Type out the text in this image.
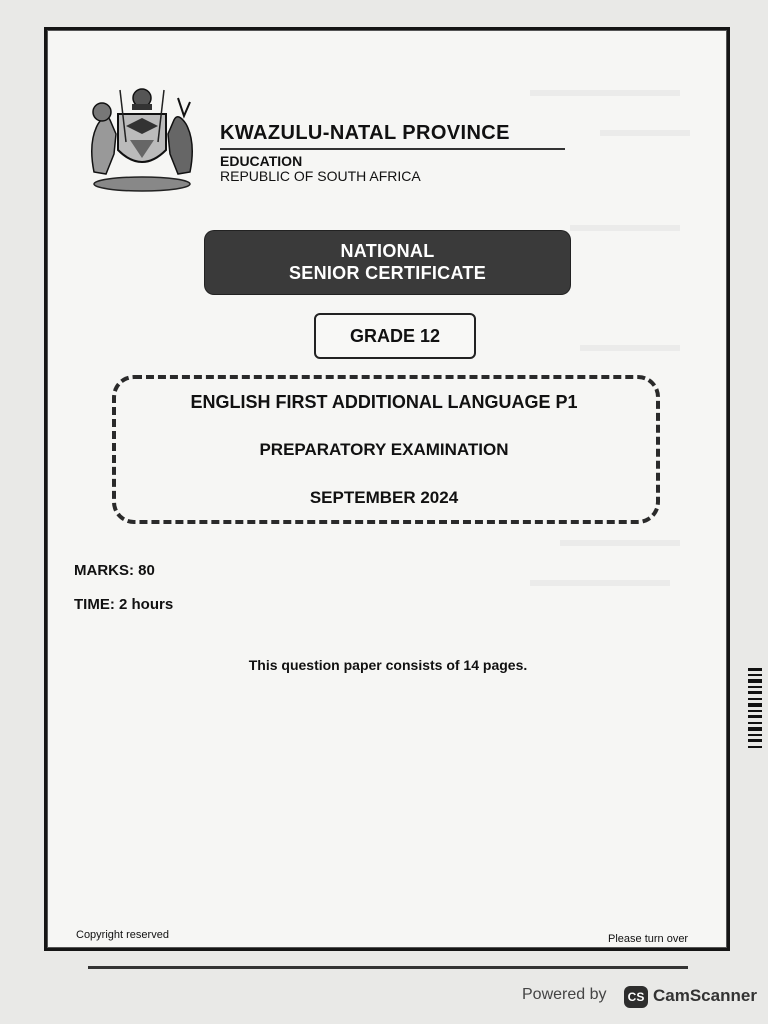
KWAZULU-NATAL PROVINCE
EDUCATION
REPUBLIC OF SOUTH AFRICA
NATIONAL
SENIOR CERTIFICATE
GRADE 12
ENGLISH FIRST ADDITIONAL LANGUAGE P1
PREPARATORY EXAMINATION
SEPTEMBER 2024
MARKS: 80
TIME: 2 hours
This question paper consists of 14 pages.
Copyright reserved	Please turn over
Powered by	CS CamScanner
